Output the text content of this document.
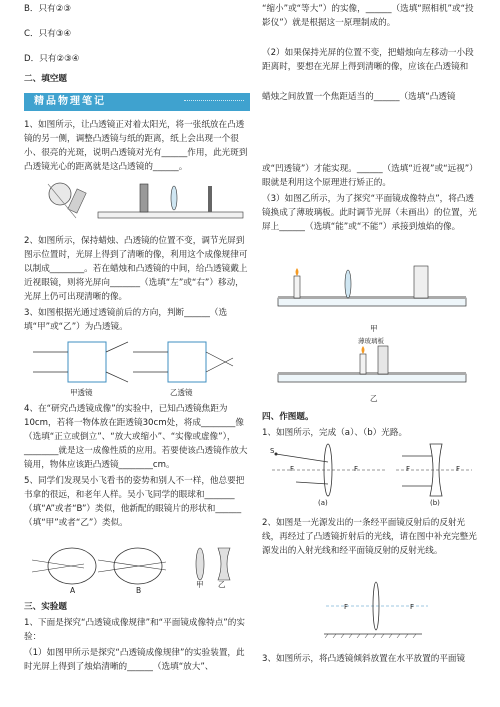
B．只有②③

C．只有③④

D．只有②③④

二、填空题

精品物理笔记

1、如图所示，让凸透镜正对着太阳光，将一张纸放在凸透镜的另一侧，调整凸透镜与纸的距离，纸上会出现一个很小、很亮的光斑，说明凸透镜对光有______作用，此光斑到凸透镜光心的距离就是这凸透镜的______。

2、如图所示，保持蜡烛、凸透镜的位置不变，调节光屏到图示位置时，光屏上得到了清晰的像，利用这个成像规律可以制成________。若在蜡烛和凸透镜的中间，给凸透镜戴上近视眼镜，则将光屏向_______（选填“左”或“右”）移动，光屏上仍可出现清晰的像。

3、如图根据光通过透镜前后的方向，判断______（选填“甲”或“乙”）为凸透镜。

甲透镜	乙透镜

4、在“研究凸透镜成像”的实验中，已知凸透镜焦距为10cm，若将一物体放在距透镜30cm处，将成________像（选填“正立或倒立”、“放大或缩小”、“实像或虚像”），________就是这一成像性质的应用。若要使该凸透镜作放大镜用，物体应该距凸透镜________cm。

5、同学们发现吴小飞看书的姿势和别人不一样，他总要把书拿的很远，和老年人样。吴小飞同学的眼球和_______（填“A”或者“B”）类似，他新配的眼镜片的形状和______（填“甲”或者“乙”）类似。

A	B
甲 乙

三、实验题

1、下面是探究“凸透镜成像规律”和“平面镜成像特点”的实验：

（1）如图甲所示是探究“凸透镜成像规律”的实验装置，此时光屏上得到了烛焰清晰的______（选填“放大”、

“缩小”或“等大”）的实像，______（选填“照相机”或“投影仪”）就是根据这一原理制成的。

（2）如果保持光屏的位置不变，把蜡烛向左移动一小段距离时，要想在光屏上得到清晰的像，应该在凸透镜和

蜡烛之间放置一个焦距适当的______（选填“凸透镜

或“凹透镜”）才能实现。______（选填“近视”或“远视”）眼就是利用这个原理进行矫正的。

（3）如图乙所示，为了探究“平面镜成像特点”，将凸透镜换成了薄玻璃板。此时调节光屏（未画出）的位置，光屏上______（选填“能”或“不能”）承接到烛焰的像。

甲
薄玻璃板
乙

四、作图题。

1、如图所示，完成（a）、（b）光路。

S
F	F
(a)
F	F
(b)

2、如图是一光源发出的一条经平面镜反射后的反射光线，再经过了凸透镜折射后的光线，请在图中补充完整光源发出的入射光线和经平面镜反射的反射光线。

F	F

3、如图所示，将凸透镜倾斜放置在水平放置的平面镜
